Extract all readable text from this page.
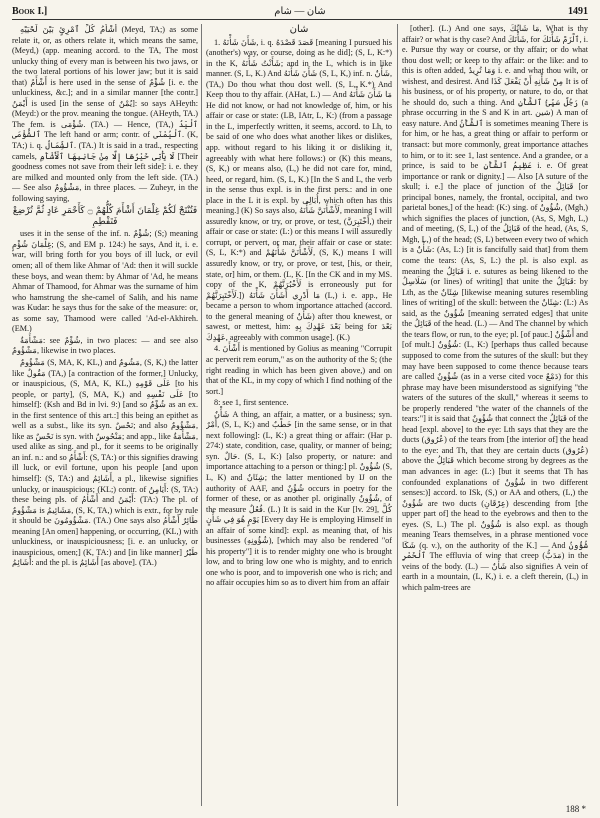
Book I.]	شان — شام	1491

أَشْأَمُ كُلِّ ٱمْرِئٍ بَيْنَ لَحْيَيْهِ (Meyd, TA;) as some relate it, or, as others relate it, which means the same, (Meyd,) (app. meaning accord. to the TA, The most unlucky thing of every man is between his two jaws, or the two lateral portions of his lower jaw; but it is said that) أَشْأَمُ is here used in the sense of شُؤْمٌ [i. e. the unluckiness, &c.]; and in a similar manner [the contr.] أَيْمَنُ is used [in the sense of يُمْنٌ]: so says AHeyth: (Meyd:) or the prov. meaning the tongue. (AHeyth, TA.) The fem. is شُؤْمَى. (TA.) — Hence, (TA,) ٱلْيَدُ ٱلشُّؤْمَى The left hand or arm; contr. of ٱلْيُمْنَى. (K, TA;) i. q. ٱلشِّمَالُ. (TA.) It is said in a trad., respecting camels, لَا يَأْتِى خَيْرُهَا إِلَّا مِنْ جَانِبِهَا ٱلْأَشْأَمِ [Their goodness comes not save from their left side]: i. e. they are milked and mounted only from the left side. (TA.) — See also مَشْؤُومٌ, in three places. — Zuheyr, in the following saying,

فَتُنْتَجْ لَكُمْ غِلْمَانَ أَشْأَمَ كُلُّهُمْ ۝ كَأَحْمَرِ عَادٍ ثُمَّ تُرْضِعْ فَتَفْطِمِ

uses it in the sense of the inf. n. شُؤْمٌ; (S;) meaning غِلْمَانَ شُؤْمٍ; (S, and EM p. 124:) he says, And it, i. e. war, will bring forth for you boys of ill luck, or evil omen; all of them like Ahmar of 'Ad: then it will suckle these boys, and wean them: by Ahmar of 'Ad, he means Ahmar of Thamood, for Ahmar was the surname of him who hamstrung the she-camel of Salih, and his name was Kudar: he says thus for the sake of the measure: or, as some say, Thamood were called 'Ad-el-Akhireh. (EM.)

مَشْأَمَةٌ: see شُؤْمٌ, in two places: — and see also مَشْؤُومٌ, likewise in two places.

مَشْؤُومٌ (S, MA, K, KL,) and مَشُومٌ, (S, K,) the latter like مَقُولٌ (TA,) [a contraction of the former,] Unlucky, or inauspicious, (S, MA, K, KL,) عَلَى قَوْمِهِ [to his people, or party], (S, MA, K,) and عَلَى نَفْسِهِ [to himself]: (Ksh and Bd in lvi. 9:) [and so شُؤْمٌ as an ex. in the first sentence of this art.:] this being an epithet as well as a subst., like its syn. نَحْسٌ; and also مَشْؤُومٌ, like as نَحْسٌ is syn. with مَنْحُوسٌ; and app., like مَشْأَمَةٌ, used alike as sing. and pl., for it seems to be originally an inf. n.: and so أَشْأَمُ: (S, TA:) or this signifies drawing ill luck, or evil fortune, upon his people [and upon himself]: (S, TA:) and أَشَائِمُ, a pl., likewise signifies unlucky, or inauspicious; (KL;) contr. of أَيَامِنُ: (S, TA:) these being pls. of أَشْأَمُ and أَيْمَنُ: (TA:) The pl. of مَشْؤُومٌ is مَشَائِيمُ, (S, K, TA,) which is extr., for by rule it should be مَشْؤُومُونَ. (TA.) One says also طَائِرٌ أَشْأَمُ meaning [An omen] happening, or occurring, (KL,) with unluckiness, or inauspiciousness; [i. e. an unlucky, or inauspicious, omen;] (K, TA:) and [in like manner] طَيْرٌ أَشَائِمُ: and the pl. is أَشَائِمُ [as above]. (TA.)

شان

1. شَأَنَ شَأْنَهُ, i. q. قَصَدَ قَصْدَهُ [meaning I pursued his (another's) way, or course, doing as he did]; (S, L, K:*) in the K, شَأَنْتُ شَأْنَهُ; and in the L, which is in like manner. (S, L, K.) And شَأَنَ شَأْنَهُ (S, L, K,) inf. n. شَأْنٌ, (TA,) Do thou what thou dost well. (S, L, K.*) And Keep thou to thy affair. (AHat, L.) — And مَا شَأَنَ شَأْنَهُ He did not know, or had not knowledge of, him, or his affair or case or state: (LB, IAtr, L, K:) (from a passage in the L, imperfectly written, it seems, accord. to Lh, to be said of one who does what another likes or dislikes, app. without regard to his liking it or disliking it, agreeably with what here follows:) or (K) this means, (S, K,) or means also, (L,) he did not care for, mind, heed, or regard, him. (S, L, K.) [In the S and L, the verb in the sense thus expl. is in the first pers.: and in one place in the L it is expl. by أُبَالِى, which often has this meaning.] (K) So says also, لَأَشْأَنَنَّ شَأْنَهُ, meaning I will assuredly know, or try, or prove, or test, (أَخْتَبِرَنَّ,) their affair or case or state: (L:) or this means I will assuredly corrupt, or pervert, or mar, their affair or case or state: (S, L, K:*) and لَأَشْأَنَنَّ شَأْنَهُمْ, (S, K,) means I will assuredly know, or try, or prove, or test, [his, or their, state, or] him, or them. (L, K. [In the CK and in my MS. copy of the K, لَأَخْبُرَنَّهُمْ is erroneously put for لَأَخْتَبِرَنَّهُمْ.]) مَا أَدْرِي أَشَأَنَ شَأْنَهُ (L,) i. e. app., He became a person to whom importance attached (accord. to the general meaning of شَأْنٌ) after thou knewest, or sawest, or mettest, him: بَعْدَ عَهْدِكَ بِهِ being for بَعْدَ عَهْدِكَ, agreeably with common usage]. (K.)

4. أَشْأَنَ is mentioned by Golius as meaning "Corrupit ac perverit rem eorum," as on the authority of the S; (the right reading in which has been given above,) and on that of the KL, in my copy of which I find nothing of the sort.]

8: see 1, first sentence.

شَأْنٌ A thing, an affair, a matter, or a business; syn. أَمْرٌ, (S, L, K;) and خَطْبٌ [in the same sense, or in that next following]: (L, K:) a great thing or affair: (Har p. 274:) state, condition, case, quality, or manner of being; syn. حَالٌ. (S, L, K:) [also property, or nature: and importance attaching to a person or thing:] pl. شُؤُونٌ (S, L, K) and شِئَانٌ; the latter mentioned by IJ on the authority of AAF, and شُؤُنٌ occurs in poetry for the former of these, or as another pl. originally شُؤُونٌ, of the measure فُعُلٌ. (L.) It is said in the Kur [lv. 29], كُلَّ يَوْمٍ هُوَ فِي شَأْنٍ [Every day He is employing Himself in an affair of some kind]: expl. as meaning that, of his businesses (شُؤُونِهِ), [which may also be rendered "of his property"] it is to render mighty one who is brought low, and to bring low one who is mighty, and to enrich one who is poor, and to impoverish one who is rich; and no affair occupies him so as to divert him from an affair

[other]. (L.) And one says, مَا شَأْنُكَ, What is thy affair? or what is thy case? And شَأْنَكَ, for ٱلْزَمْ شَأْنَكَ, i. e. Pursue thy way or course, or thy affair; or do what thou dost well; or keep to thy affair: or the like: and to this is often added, وَمَا تُرِيدُ i. e. and what thou wilt, or wishest, and desirest. And مِنْ شَأْنِهِ أَنْ يَفْعَلَ كَذَا It is of his business, or of his property, or nature, to do, or that he should do, such a thing. And رَجُلٌ سَيِّئُ ٱلشَّأْنِ (a phrase occurring in the S and K in art. شين) A man of easy nature. And ٱلشَّأْنُ is sometimes meaning There is for him, or he has, a great thing or affair to perform or transact: but more commonly, great importance attaches to him, or to it: see 1, last sentence. And a grandee, or a prince, is said to be عَظِيمُ ٱلشَّأْنِ i. e. Of great importance or rank or dignity.] — Also [A suture of the skull; i. e.] the place of junction of the قَبَائِلُ [or principal bones, namely, the frontal, occipital, and two parietal bones,] of the head: (K:) sing. of شُؤُونٌ, (Mgh,) which signifies the places of junction, (As, S, Mgh, L,) and of meeting, (S, L,) of the قَبَائِلُ of the head, (As, S, Mgh, L,) of the head; (S, L) between every two of which is a شَأْنٌ: (As, L:) [it is fancifully said that] from them come the tears: (As, S, L:) the pl. is also expl. as meaning the قَبَائِلُ i. e. sutures as being likened to the سَلَاسِلُ (or lines) of writing] that unite the قَبَائِلُ: by Lth, as the شِئَانٌ [likewise meaning sutures resembling lines of writing] of the skull: between the شِئَانٌ: (L:) As said, as the شُؤُونٌ [meaning serrated edges] that unite the قَبَائِلُ of the head. (L.) — And The channel by which the tears flow, or run, to the eye; pl. [of pauc.] أَشْؤُنٌ and [of mult.] شُؤُونٌ: (L, K:) [perhaps thus called because supposed to come from the sutures of the skull: but they may have been supposed to come thence because tears are called شُؤُونٌ (as in a verse cited voce دَمْعٌ) for this phrase may have been misunderstood as signifying "the waters of the sutures of the skull," whereas it seems to be properly rendered "the water of the channels of the tears:"] it is said that شُؤُونٌ that connect the قَبَائِلُ of the head [expl. above] to the eye: Lth says that they are the ducts (عُرُوق) of the tears from [the interior of] the head to the eye: and Th, that they are certain ducts (عُرُوق) above the قَبَائِلُ which become strong by degrees as the man advances in age: (L:) [but it seems that Th has confounded explanations of شُؤُونٌ in two different senses:)] accord. to ISk, (S,) or AA and others, (L,) the شُؤُونٌ are two ducts (عِرْقَانِ) descending from [the upper part of] the head to the eyebrows and then to the eyes. (S, L.) The pl. شُؤُونٌ is also expl. as though meaning Tears themselves, in a phrase mentioned voce شَكَا (q. v.), on the authority of the K.] — And شُؤُونُ ٱلْخَمْرِ The effluvia of wine that creep (مَدَبُّ) in the veins of the body. (L.) — شَأْنٌ also signifies A vein of earth in a mountain, (L, K,) i. e. a cleft therein, (L,) in which palm-trees are

188 *
